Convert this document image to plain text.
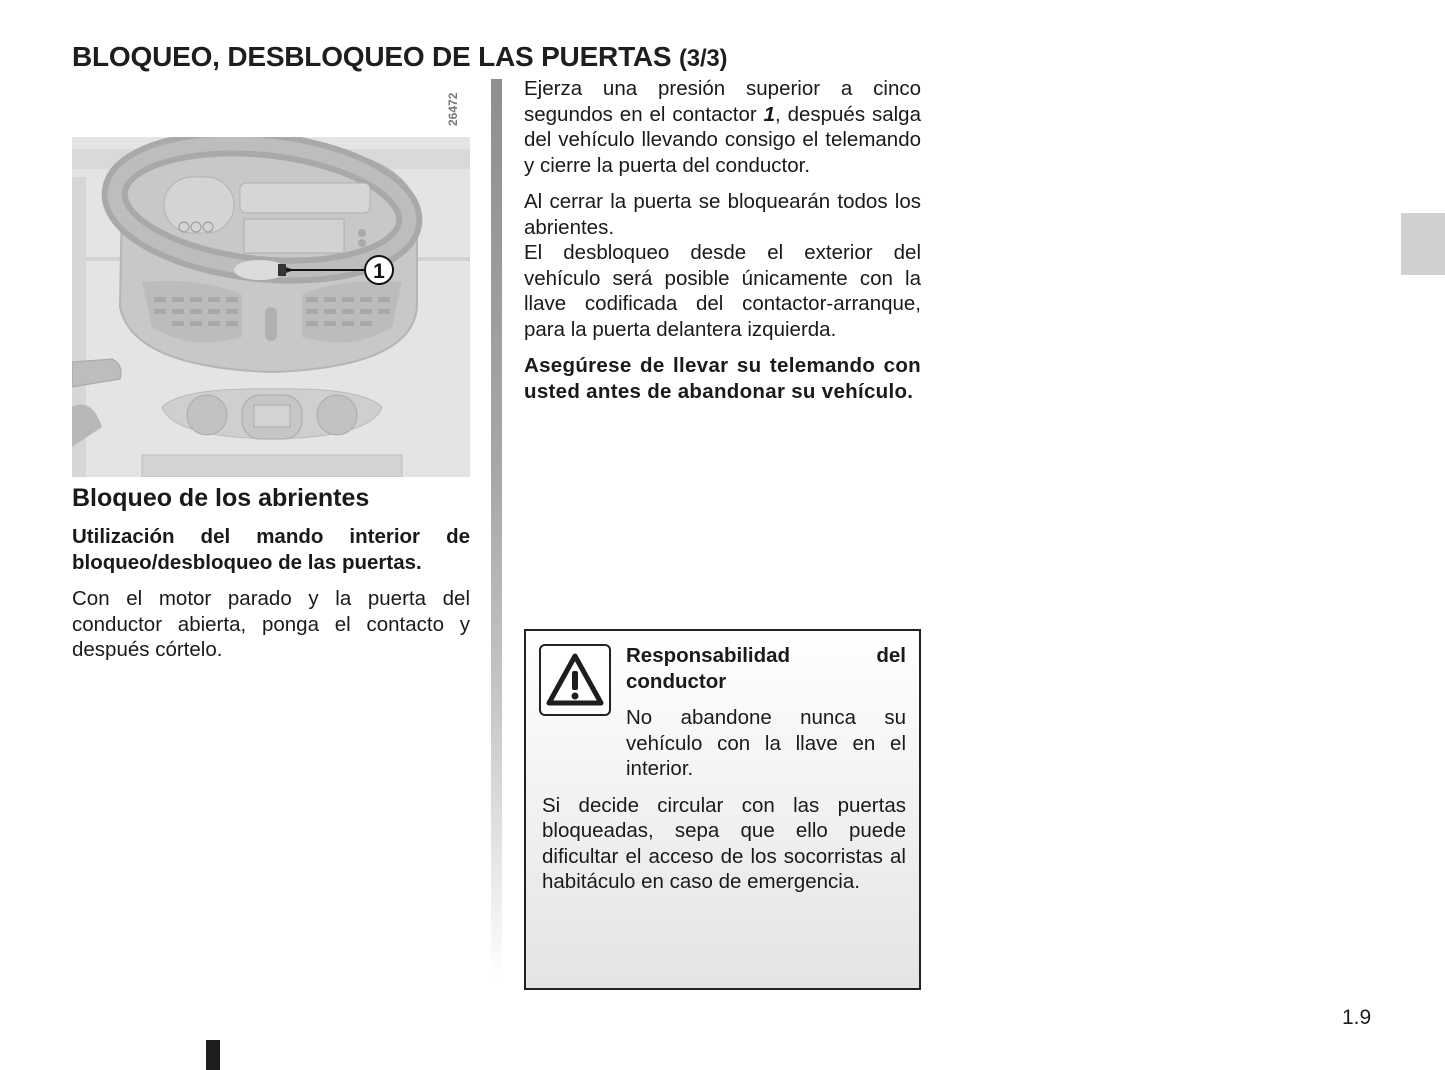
BLOQUEO, DESBLOQUEO DE LAS PUERTAS (3/3)
26472
1
Bloqueo de los abrientes

Utilización del mando interior de bloqueo/desbloqueo de las puertas.

Con el motor parado y la puerta del conductor abierta, ponga el contacto y después córtelo.

Ejerza una presión superior a cinco segundos en el contactor 1, después salga del vehículo llevando consigo el telemando y cierre la puerta del conductor.

Al cerrar la puerta se bloquearán todos los abrientes.
El desbloqueo desde el exterior del vehículo será posible únicamente con la llave codificada del contactor-arranque, para la puerta delantera izquierda.

Asegúrese de llevar su telemando con usted antes de abandonar su vehículo.

Responsabilidad del conductor

No abandone nunca su vehículo con la llave en el interior.

Si decide circular con las puertas bloqueadas, sepa que ello puede dificultar el acceso de los socorristas al habitáculo en caso de emergencia.

1.9
